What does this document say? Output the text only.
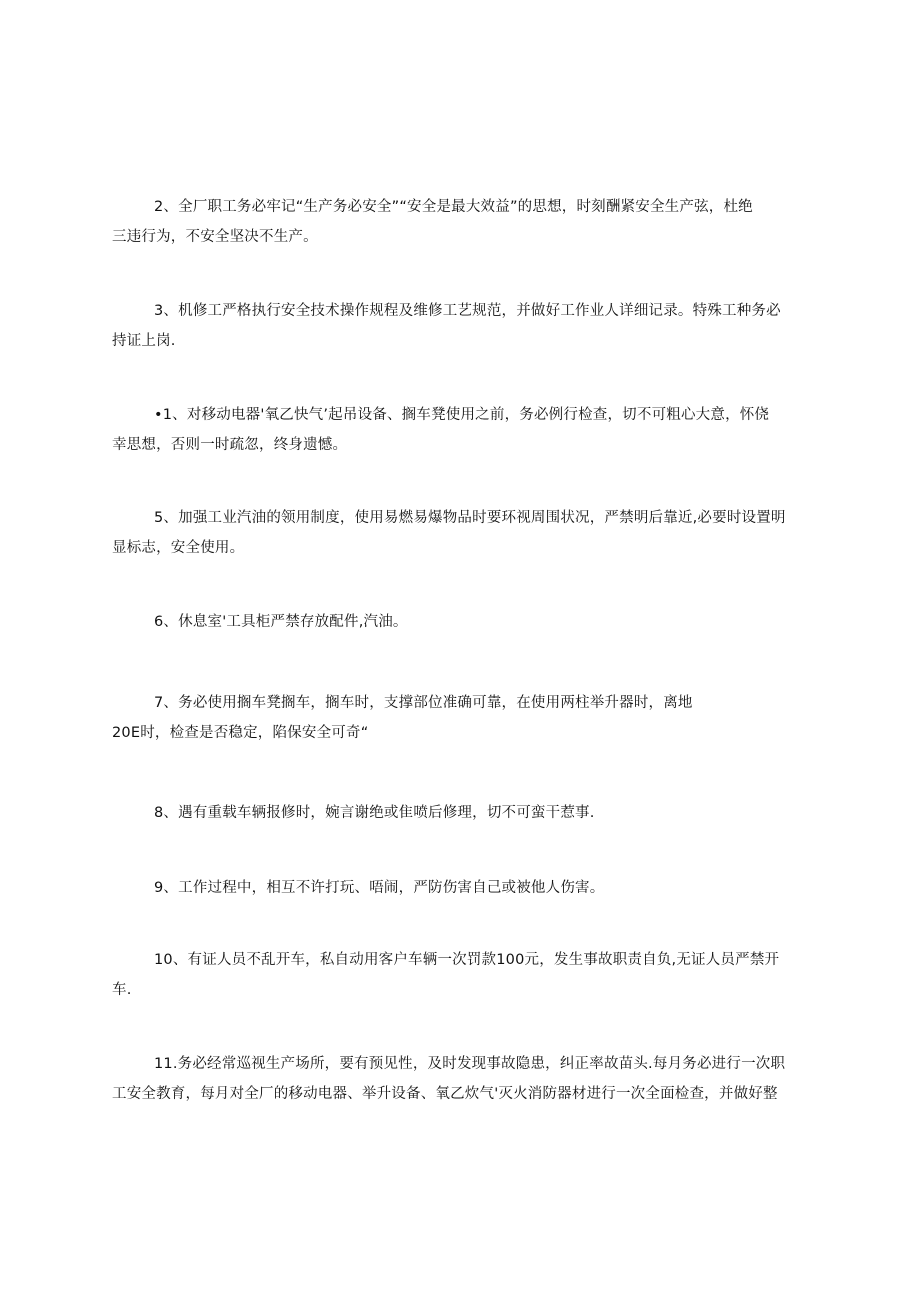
2、全厂职工务必牢记“生产务必安全”“安全是最大效益”的思想，时刻酬紧安全生产弦，杜绝
三违行为，不安全坚决不生产。

3、机修工严格执行安全技术操作规程及维修工艺规范，并做好工作业人详细记录。特殊工种务必
持证上岗.

•1、对移动电器'氧乙快气’起吊设备、搁车凳使用之前，务必例行检查，切不可粗心大意，怀侥
幸思想，否则一时疏忽，终身遗憾。

5、加强工业汽油的领用制度，使用易燃易爆物品时要环视周围状况，严禁明后靠近,必要时设置明
显标志，安全使用。

6、休息室'工具柜严禁存放配件,汽油。

7、务必使用搁车凳搁车，搁车时，支撑部位准确可靠，在使用两柱举升器时，离地
20E时，检查是否稳定，陷保安全可奇“

8、遇有重载车辆报修时，婉言谢绝或隹喷后修理，切不可蛮干惹事.

9、工作过程中，相互不许打玩、唔闹，严防伤害自己或被他人伤害。

10、有证人员不乱开车，私自动用客户车辆一次罚款100元，发生事故职责自负,无证人员严禁开
车.

11.务必经常巡视生产场所，要有预见性，及时发现事故隐患，纠正率故苗头.每月务必进行一次职
工安全教育，每月对全厂的移动电器、举升设备、氧乙炊气'灭火消防器材进行一次全面检查，并做好整
